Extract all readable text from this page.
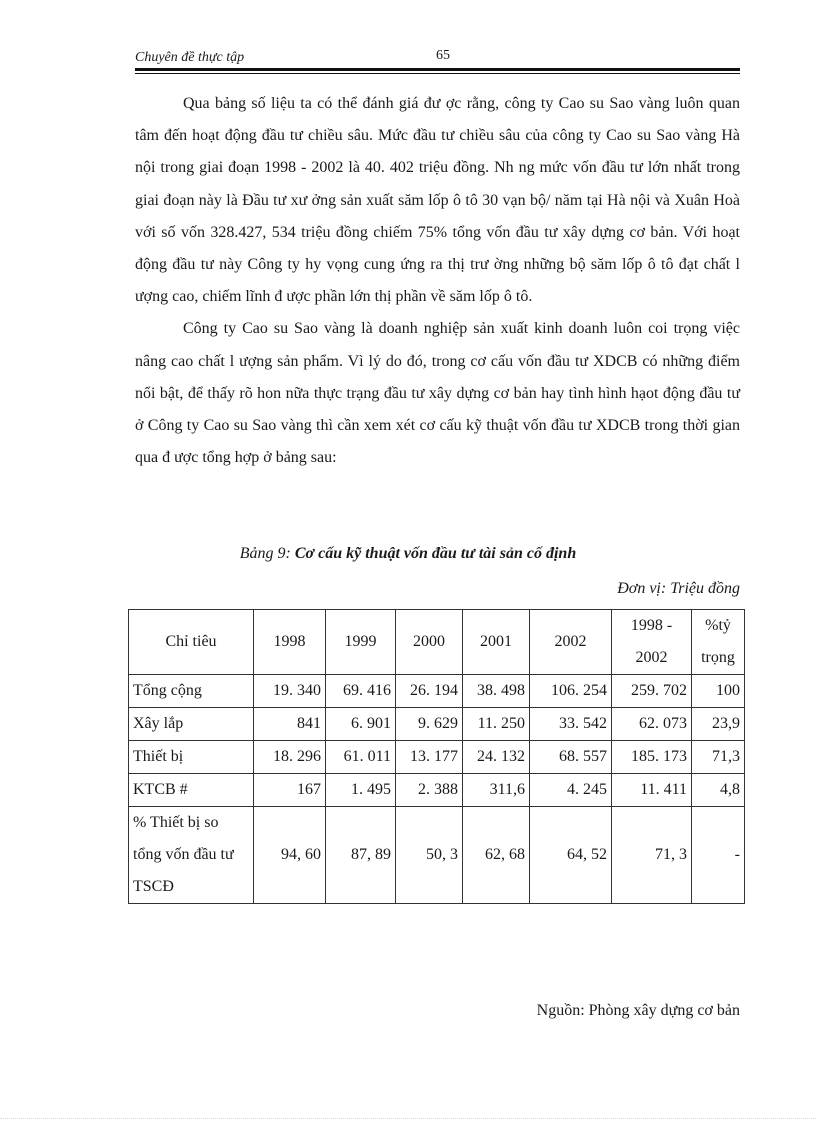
Chuyên đề thực tập	65

Qua bảng số liệu ta có thể đánh giá đư ợc rằng, công ty Cao su Sao vàng luôn quan tâm đến hoạt động đầu tư chiều sâu. Mức đầu tư chiều sâu của công ty Cao su Sao vàng Hà nội trong giai đoạn 1998 - 2002 là 40. 402 triệu đồng. Nh ng mức vốn đầu tư lớn nhất trong giai đoạn này là Đầu tư xư ởng sản xuất săm lốp ô tô 30 vạn bộ/ năm tại Hà nội và Xuân Hoà với số vốn 328.427, 534 triệu đồng chiếm 75% tổng vốn đầu tư xây dựng cơ bản. Với hoạt động đầu tư này Công ty hy vọng cung ứng ra thị trư ờng những bộ săm lốp ô tô đạt chất l ượng cao, chiếm lĩnh đ ược phần lớn thị phần về săm lốp ô tô.

Công ty Cao su Sao vàng là doanh nghiệp sản xuất kinh doanh luôn coi trọng việc nâng cao chất l ượng sản phẩm. Vì lý do đó, trong cơ cấu vốn đầu tư XDCB có những điểm nổi bật, để thấy rõ hon nữa thực trạng đầu tư xây dựng cơ bản hay tình hình hạot động đầu tư ở Công ty Cao su Sao vàng thì cần xem xét cơ cấu kỹ thuật vốn đầu tư XDCB trong thời gian qua đ ược tổng hợp ở bảng sau:

Bảng 9: Cơ cấu kỹ thuật vốn đầu tư tài sản cố định
Đơn vị: Triệu đồng
Chỉ tiêu	1998	1999	2000	2001	2002	1998 - 2002	%tỷ trọng
Tổng cộng	19. 340	69. 416	26. 194	38. 498	106. 254	259. 702	100
Xây lắp	841	6. 901	9. 629	11. 250	33. 542	62. 073	23,9
Thiết bị	18. 296	61. 011	13. 177	24. 132	68. 557	185. 173	71,3
KTCB #	167	1. 495	2. 388	311,6	4. 245	11. 411	4,8
% Thiết bị so tổng vốn đầu tư TSCĐ	94, 60	87, 89	50, 3	62, 68	64, 52	71, 3	-
Nguồn: Phòng xây dựng cơ bản
